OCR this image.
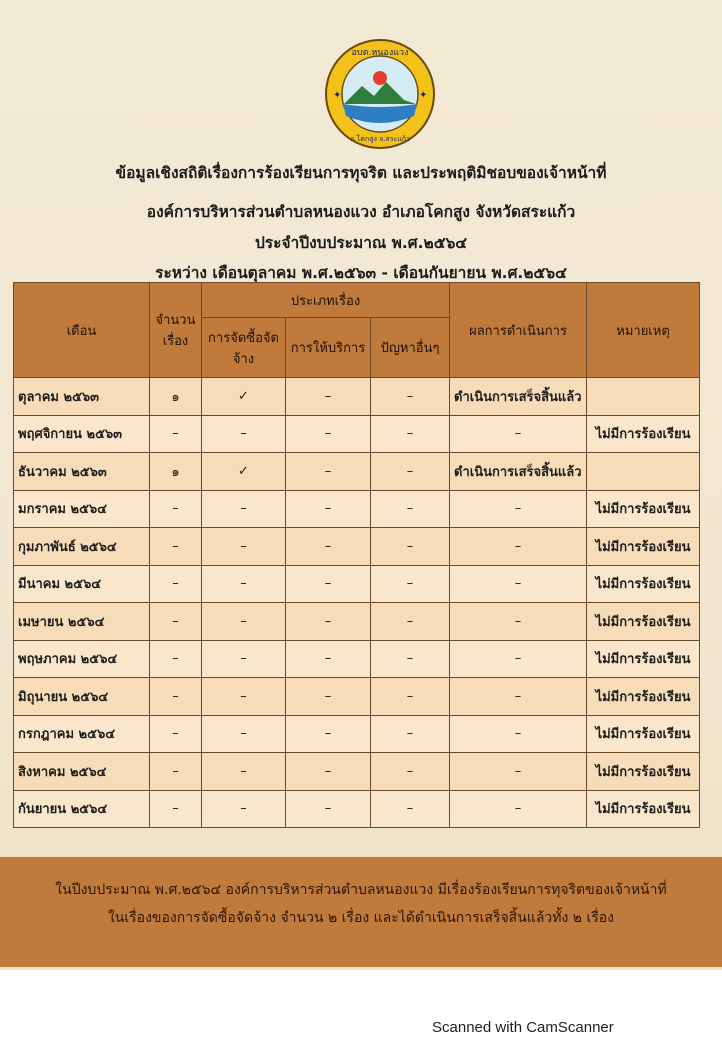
อบต.หนองแวง
อ.โคกสูง จ.สระแก้ว
✦	✦
ข้อมูลเชิงสถิติเรื่องการร้องเรียนการทุจริต และประพฤติมิชอบของเจ้าหน้าที่
องค์การบริหารส่วนตำบลหนองแวง อำเภอโคกสูง จังหวัดสระแก้ว
ประจำปีงบประมาณ พ.ศ.๒๕๖๔
ระหว่าง เดือนตุลาคม พ.ศ.๒๕๖๓ - เดือนกันยายน พ.ศ.๒๕๖๔
เดือน	จำนวนเรื่อง	ประเภทเรื่อง			ผลการดำเนินการ	หมายเหตุ
		การจัดซื้อจัดจ้าง	การให้บริการ	ปัญหาอื่นๆ		
ตุลาคม ๒๕๖๓	๑	✓	–	–	ดำเนินการเสร็จสิ้นแล้ว	
พฤศจิกายน ๒๕๖๓	–	–	–	–	–	ไม่มีการร้องเรียน
ธันวาคม ๒๕๖๓	๑	✓	–	–	ดำเนินการเสร็จสิ้นแล้ว	
มกราคม ๒๕๖๔	–	–	–	–	–	ไม่มีการร้องเรียน
กุมภาพันธ์ ๒๕๖๔	–	–	–	–	–	ไม่มีการร้องเรียน
มีนาคม ๒๕๖๔	–	–	–	–	–	ไม่มีการร้องเรียน
เมษายน ๒๕๖๔	–	–	–	–	–	ไม่มีการร้องเรียน
พฤษภาคม ๒๕๖๔	–	–	–	–	–	ไม่มีการร้องเรียน
มิถุนายน ๒๕๖๔	–	–	–	–	–	ไม่มีการร้องเรียน
กรกฎาคม ๒๕๖๔	–	–	–	–	–	ไม่มีการร้องเรียน
สิงหาคม ๒๕๖๔	–	–	–	–	–	ไม่มีการร้องเรียน
กันยายน ๒๕๖๔	–	–	–	–	–	ไม่มีการร้องเรียน

ในปีงบประมาณ พ.ศ.๒๕๖๔ องค์การบริหารส่วนตำบลหนองแวง มีเรื่องร้องเรียนการทุจริตของเจ้าหน้าที่

ในเรื่องของการจัดซื้อจัดจ้าง จำนวน ๒ เรื่อง และได้ดำเนินการเสร็จสิ้นแล้วทั้ง ๒ เรื่อง

Scanned with CamScanner
